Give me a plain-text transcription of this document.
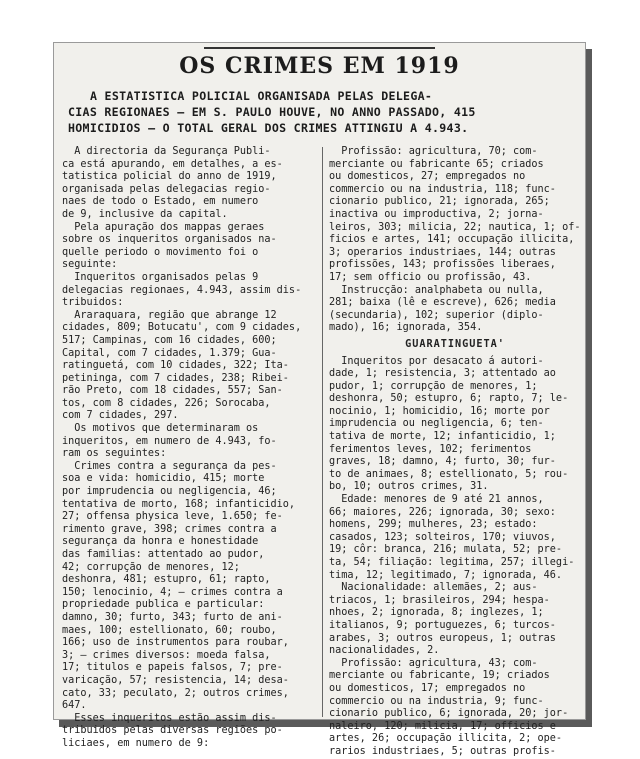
OS CRIMES EM 1919
A ESTATISTICA POLICIAL ORGANISADA PELAS DELEGA-
CIAS REGIONAES — EM S. PAULO HOUVE, NO ANNO PASSADO, 415
HOMICIDIOS — O TOTAL GERAL DOS CRIMES ATTINGIU A 4.943.
A directoria da Segurança Publi-
ca está apurando, em detalhes, a es-
tatistica policial do anno de 1919,
organisada pelas delegacias regio-
naes de todo o Estado, em numero
de 9, inclusive da capital.
Pela apuração dos mappas geraes
sobre os inqueritos organisados na-
quelle periodo o movimento foi o
seguinte:
Inqueritos organisados pelas 9
delegacias regionaes, 4.943, assim dis-
tribuidos:
Araraquara, região que abrange 12
cidades, 809; Botucatu', com 9 cidades,
517; Campinas, com 16 cidades, 600;
Capital, com 7 cidades, 1.379; Gua-
ratinguetá, com 10 cidades, 322; Ita-
petininga, com 7 cidades, 238; Ribei-
rão Preto, com 18 cidades, 557; San-
tos, com 8 cidades, 226; Sorocaba,
com 7 cidades, 297.
Os motivos que determinaram os
inqueritos, em numero de 4.943, fo-
ram os seguintes:
Crimes contra a segurança da pes-
soa e vida: homicidio, 415; morte
por imprudencia ou negligencia, 46;
tentativa de morto, 168; infanticidio,
27; offensa physica leve, 1.650; fe-
rimento grave, 398; crimes contra a
segurança da honra e honestidade
das familias: attentado ao pudor,
42; corrupção de menores, 12;
deshonra, 481; estupro, 61; rapto,
150; lenocinio, 4; — crimes contra a
propriedade publica e particular:
damno, 30; furto, 343; furto de ani-
maes, 100; estellionato, 60; roubo,
166; uso de instrumentos para roubar,
3; — crimes diversos: moeda falsa,
17; titulos e papeis falsos, 7; pre-
varicação, 57; resistencia, 14; desa-
cato, 33; peculato, 2; outros crimes,
647.
Esses inqueritos estão assim dis-
tribuidos pelas diversas regiões po-
liciaes, em numero de 9:
Profissão: agricultura, 70; com-
merciante ou fabricante 65; criados
ou domesticos, 27; empregados no
commercio ou na industria, 118; func-
cionario publico, 21; ignorada, 265;
inactiva ou improductiva, 2; jorna-
leiros, 303; milicia, 22; nautica, 1; of-
ficios e artes, 141; occupação illicita,
3; operarios industriaes, 144; outras
profissões, 143; profissões liberaes,
17; sem officio ou profissão, 43.
Instrucção: analphabeta ou nulla,
281; baixa (lê e escreve), 626; media
(secundaria), 102; superior (diplo-
mado), 16; ignorada, 354.
GUARATINGUETA'
Inqueritos por desacato á autori-
dade, 1; resistencia, 3; attentado ao
pudor, 1; corrupção de menores, 1;
deshonra, 50; estupro, 6; rapto, 7; le-
nocinio, 1; homicidio, 16; morte por
imprudencia ou negligencia, 6; ten-
tativa de morte, 12; infanticidio, 1;
ferimentos leves, 102; ferimentos
graves, 18; damno, 4; furto, 30; fur-
to de animaes, 8; estellionato, 5; rou-
bo, 10; outros crimes, 31.
Edade: menores de 9 até 21 annos,
66; maiores, 226; ignorada, 30; sexo:
homens, 299; mulheres, 23; estado:
casados, 123; solteiros, 170; viuvos,
19; côr: branca, 216; mulata, 52; pre-
ta, 54; filiação: legitima, 257; illegi-
tima, 12; legitimado, 7; ignorada, 46.
Nacionalidade: allemães, 2; aus-
triacos, 1; brasileiros, 294; hespa-
nhoes, 2; ignorada, 8; inglezes, 1;
italianos, 9; portuguezes, 6; turcos-
arabes, 3; outros europeus, 1; outras
nacionalidades, 2.
Profissão: agricultura, 43; com-
merciante ou fabricante, 19; criados
ou domesticos, 17; empregados no
commercio ou na industria, 9; func-
cionario publico, 6; ignorada, 20; jor-
naleiro, 120; milicia, 17; officios e
artes, 26; occupação illicita, 2; ope-
rarios industriaes, 5; outras profis-
